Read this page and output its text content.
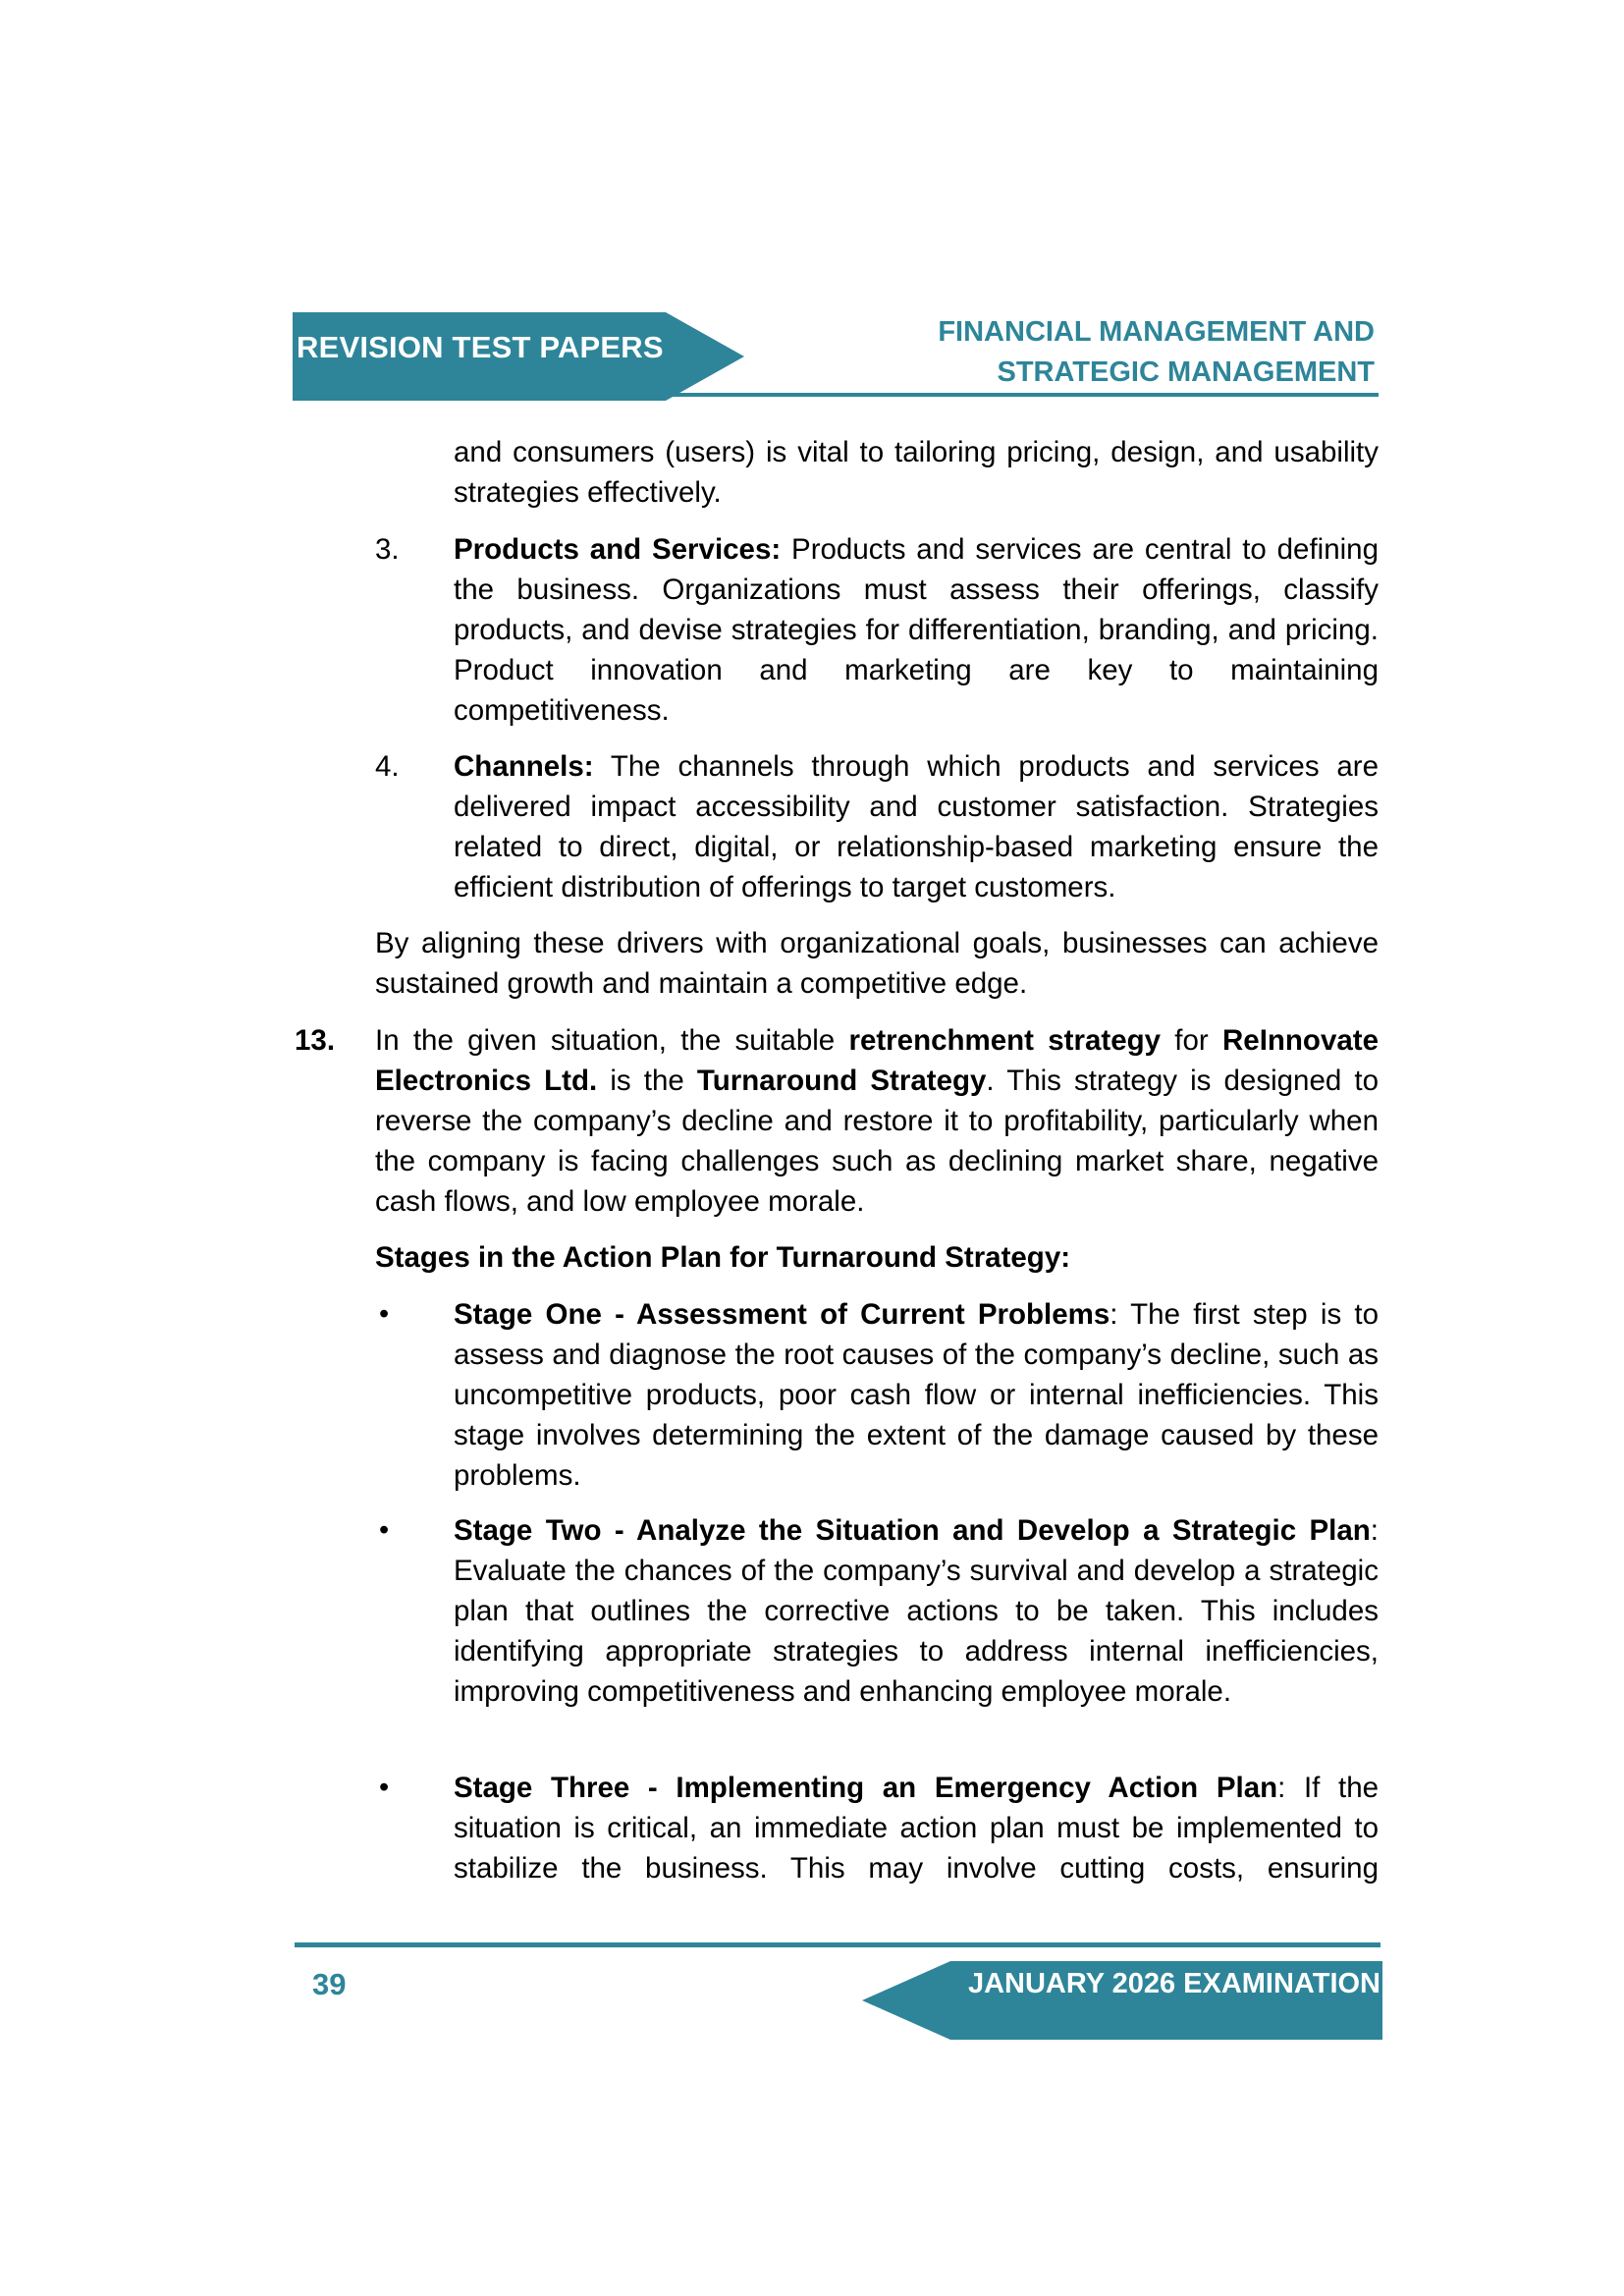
REVISION TEST PAPERS	FINANCIAL MANAGEMENT AND
STRATEGIC MANAGEMENT

and consumers (users) is vital to tailoring pricing, design, and usability strategies effectively.

3. Products and Services: Products and services are central to defining the business. Organizations must assess their offerings, classify products, and devise strategies for differentiation, branding, and pricing. Product innovation and marketing are key to maintaining competitiveness.

4. Channels: The channels through which products and services are delivered impact accessibility and customer satisfaction. Strategies related to direct, digital, or relationship-based marketing ensure the efficient distribution of offerings to target customers.

By aligning these drivers with organizational goals, businesses can achieve sustained growth and maintain a competitive edge.

13. In the given situation, the suitable retrenchment strategy for ReInnovate Electronics Ltd. is the Turnaround Strategy. This strategy is designed to reverse the company’s decline and restore it to profitability, particularly when the company is facing challenges such as declining market share, negative cash flows, and low employee morale.

Stages in the Action Plan for Turnaround Strategy:

• Stage One - Assessment of Current Problems: The first step is to assess and diagnose the root causes of the company’s decline, such as uncompetitive products, poor cash flow or internal inefficiencies. This stage involves determining the extent of the damage caused by these problems.

• Stage Two - Analyze the Situation and Develop a Strategic Plan: Evaluate the chances of the company’s survival and develop a strategic plan that outlines the corrective actions to be taken. This includes identifying appropriate strategies to address internal inefficiencies, improving competitiveness and enhancing employee morale.

• Stage Three - Implementing an Emergency Action Plan: If the situation is critical, an immediate action plan must be implemented to stabilize the business. This may involve cutting costs, ensuring

39	JANUARY 2026 EXAMINATION
